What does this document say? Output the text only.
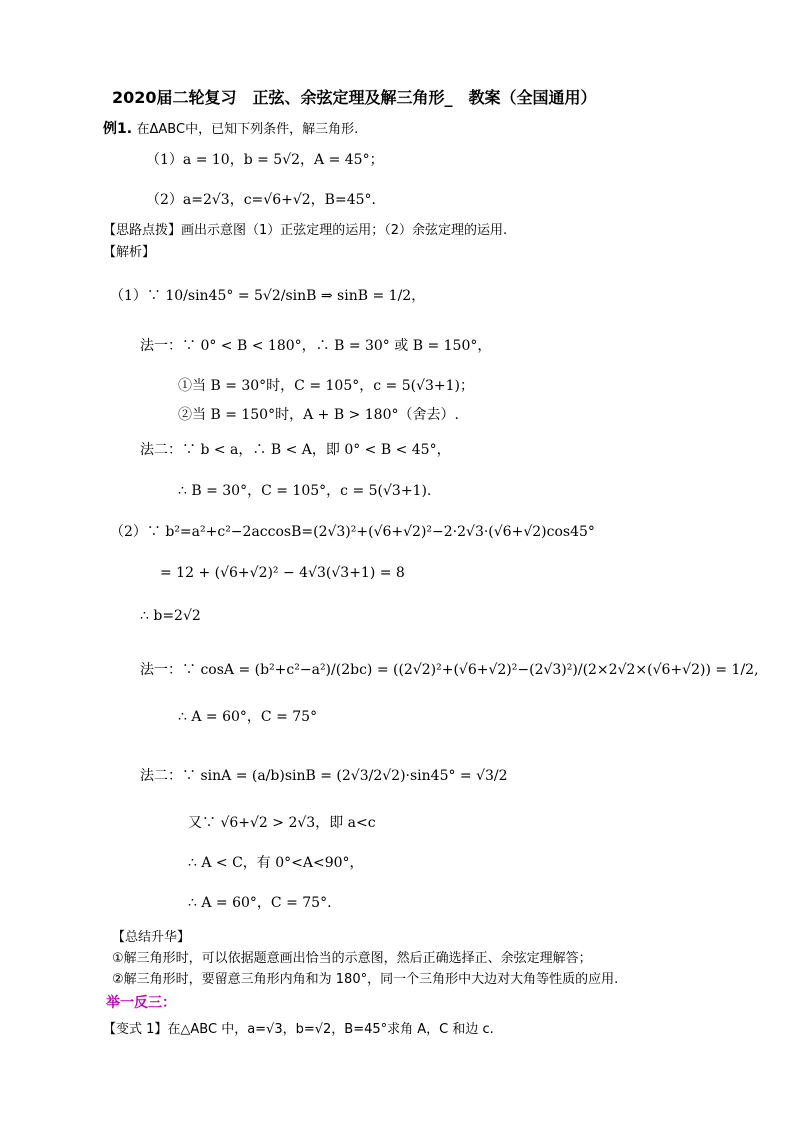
2020届二轮复习　正弦、余弦定理及解三角形_　教案（全国通用）
例1. 在ΔABC中，已知下列条件，解三角形.
（1）a = 10，b = 5√2，A = 45°；
（2）a=2√3，c=√6+√2，B=45°.
【思路点拨】画出示意图（1）正弦定理的运用；（2）余弦定理的运用.
【解析】
（1）∵ 10/sin45° = 5√2/sinB ⇒ sinB = 1/2，
法一：∵ 0° < B < 180°，∴ B = 30° 或 B = 150°，
①当 B = 30°时，C = 105°，c = 5(√3+1)；
②当 B = 150°时，A + B > 180°（舍去）.
法二：∵ b < a，∴ B < A，即 0° < B < 45°，
∴ B = 30°，C = 105°，c = 5(√3+1).
（2）∵ b²=a²+c²−2accosB=(2√3)²+(√6+√2)²−2·2√3·(√6+√2)cos45°
= 12 + (√6+√2)² − 4√3(√3+1) = 8
∴ b=2√2
法一：∵ cosA = (b²+c²−a²)/(2bc) = ((2√2)²+(√6+√2)²−(2√3)²)/(2×2√2×(√6+√2)) = 1/2,
∴ A = 60°，C = 75°
法二：∵ sinA = (a/b)sinB = (2√3/2√2)·sin45° = √3/2
又∵ √6+√2 > 2√3，即 a<c
∴ A < C，有 0°<A<90°，
∴ A = 60°，C = 75°.
【总结升华】
①解三角形时，可以依据题意画出恰当的示意图，然后正确选择正、余弦定理解答；
②解三角形时，要留意三角形内角和为 180°，同一个三角形中大边对大角等性质的应用.
举一反三：
【变式 1】在△ABC 中，a=√3，b=√2，B=45°求角 A，C 和边 c.
